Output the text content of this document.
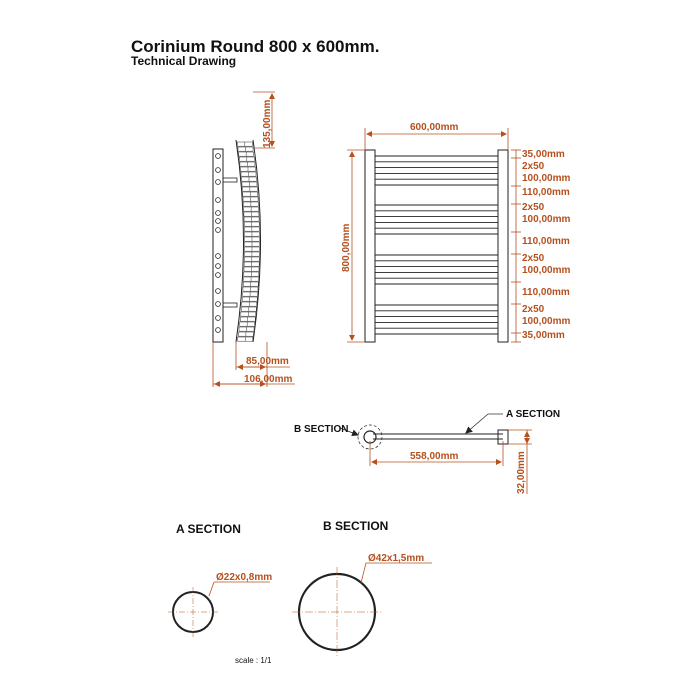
Corinium Round 800 x 600mm.
Technical Drawing
135,00mm
85,00mm
106,00mm
600,00mm
800,00mm
35,00mm
2x50
100,00mm
110,00mm
2x50
100,00mm
110,00mm
2x50
100,00mm
110,00mm
2x50
100,00mm
35,00mm
B SECTION
A SECTION
558,00mm	32,00mm
A SECTION
Ø22x0,8mm
B SECTION
Ø42x1,5mm
scale : 1/1
